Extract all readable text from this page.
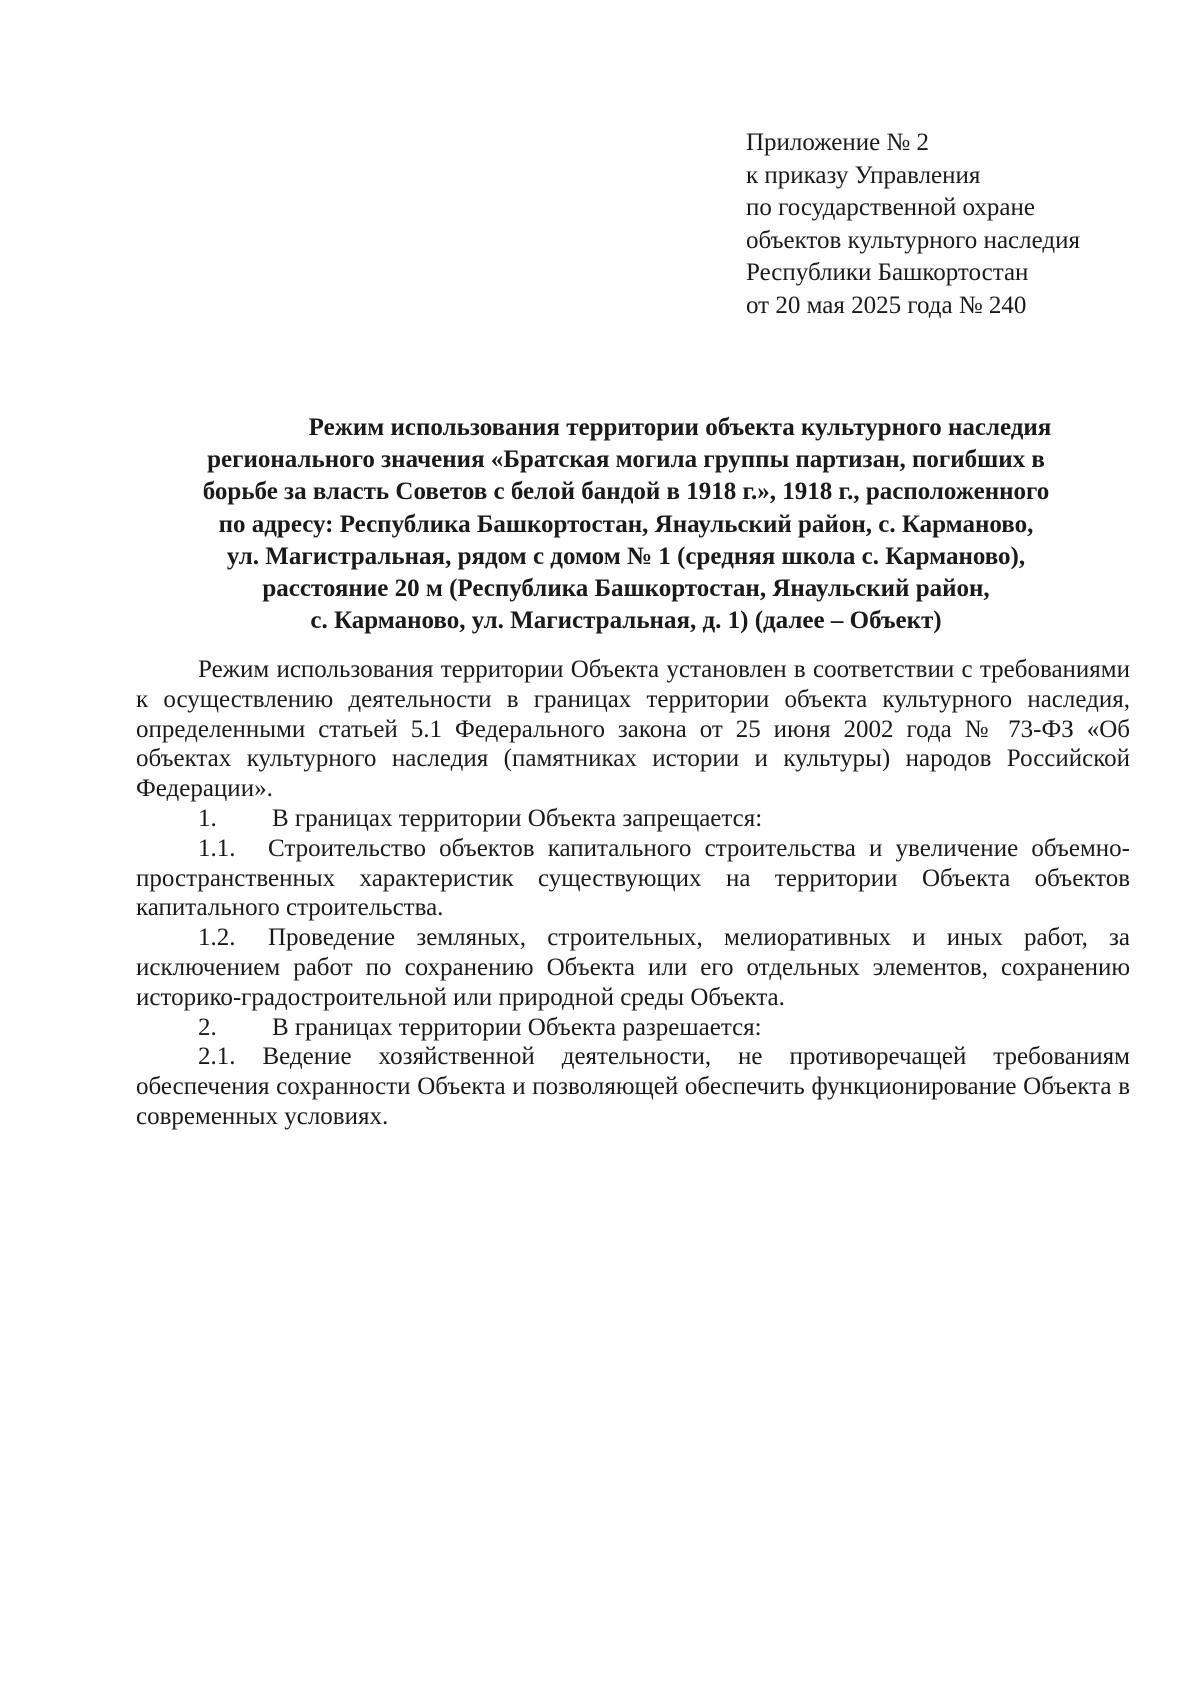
Приложение № 2
к приказу Управления
по государственной охране
объектов культурного наследия
Республики Башкортостан
от 20 мая 2025 года № 240
Режим использования территории объекта культурного наследия
регионального значения «Братская могила группы партизан, погибших в
борьбе за власть Советов с белой бандой в 1918 г.», 1918 г., расположенного
по адресу: Республика Башкортостан, Янаульский район, с. Карманово,
ул. Магистральная, рядом с домом № 1 (средняя школа с. Карманово),
расстояние 20 м (Республика Башкортостан, Янаульский район,
с. Карманово, ул. Магистральная, д. 1) (далее – Объект)

Режим использования территории Объекта установлен в соответствии с требованиями к осуществлению деятельности в границах территории объекта культурного наследия, определенными статьей 5.1 Федерального закона от 25 июня 2002 года № 73-ФЗ «Об объектах культурного наследия (памятниках истории и культуры) народов Российской Федерации».

1. В границах территории Объекта запрещается:

1.1. Строительство объектов капитального строительства и увеличение объемно-пространственных характеристик существующих на территории Объекта объектов капитального строительства.

1.2. Проведение земляных, строительных, мелиоративных и иных работ, за исключением работ по сохранению Объекта или его отдельных элементов, сохранению историко-градостроительной или природной среды Объекта.

2. В границах территории Объекта разрешается:

2.1. Ведение хозяйственной деятельности, не противоречащей требованиям обеспечения сохранности Объекта и позволяющей обеспечить функционирование Объекта в современных условиях.
